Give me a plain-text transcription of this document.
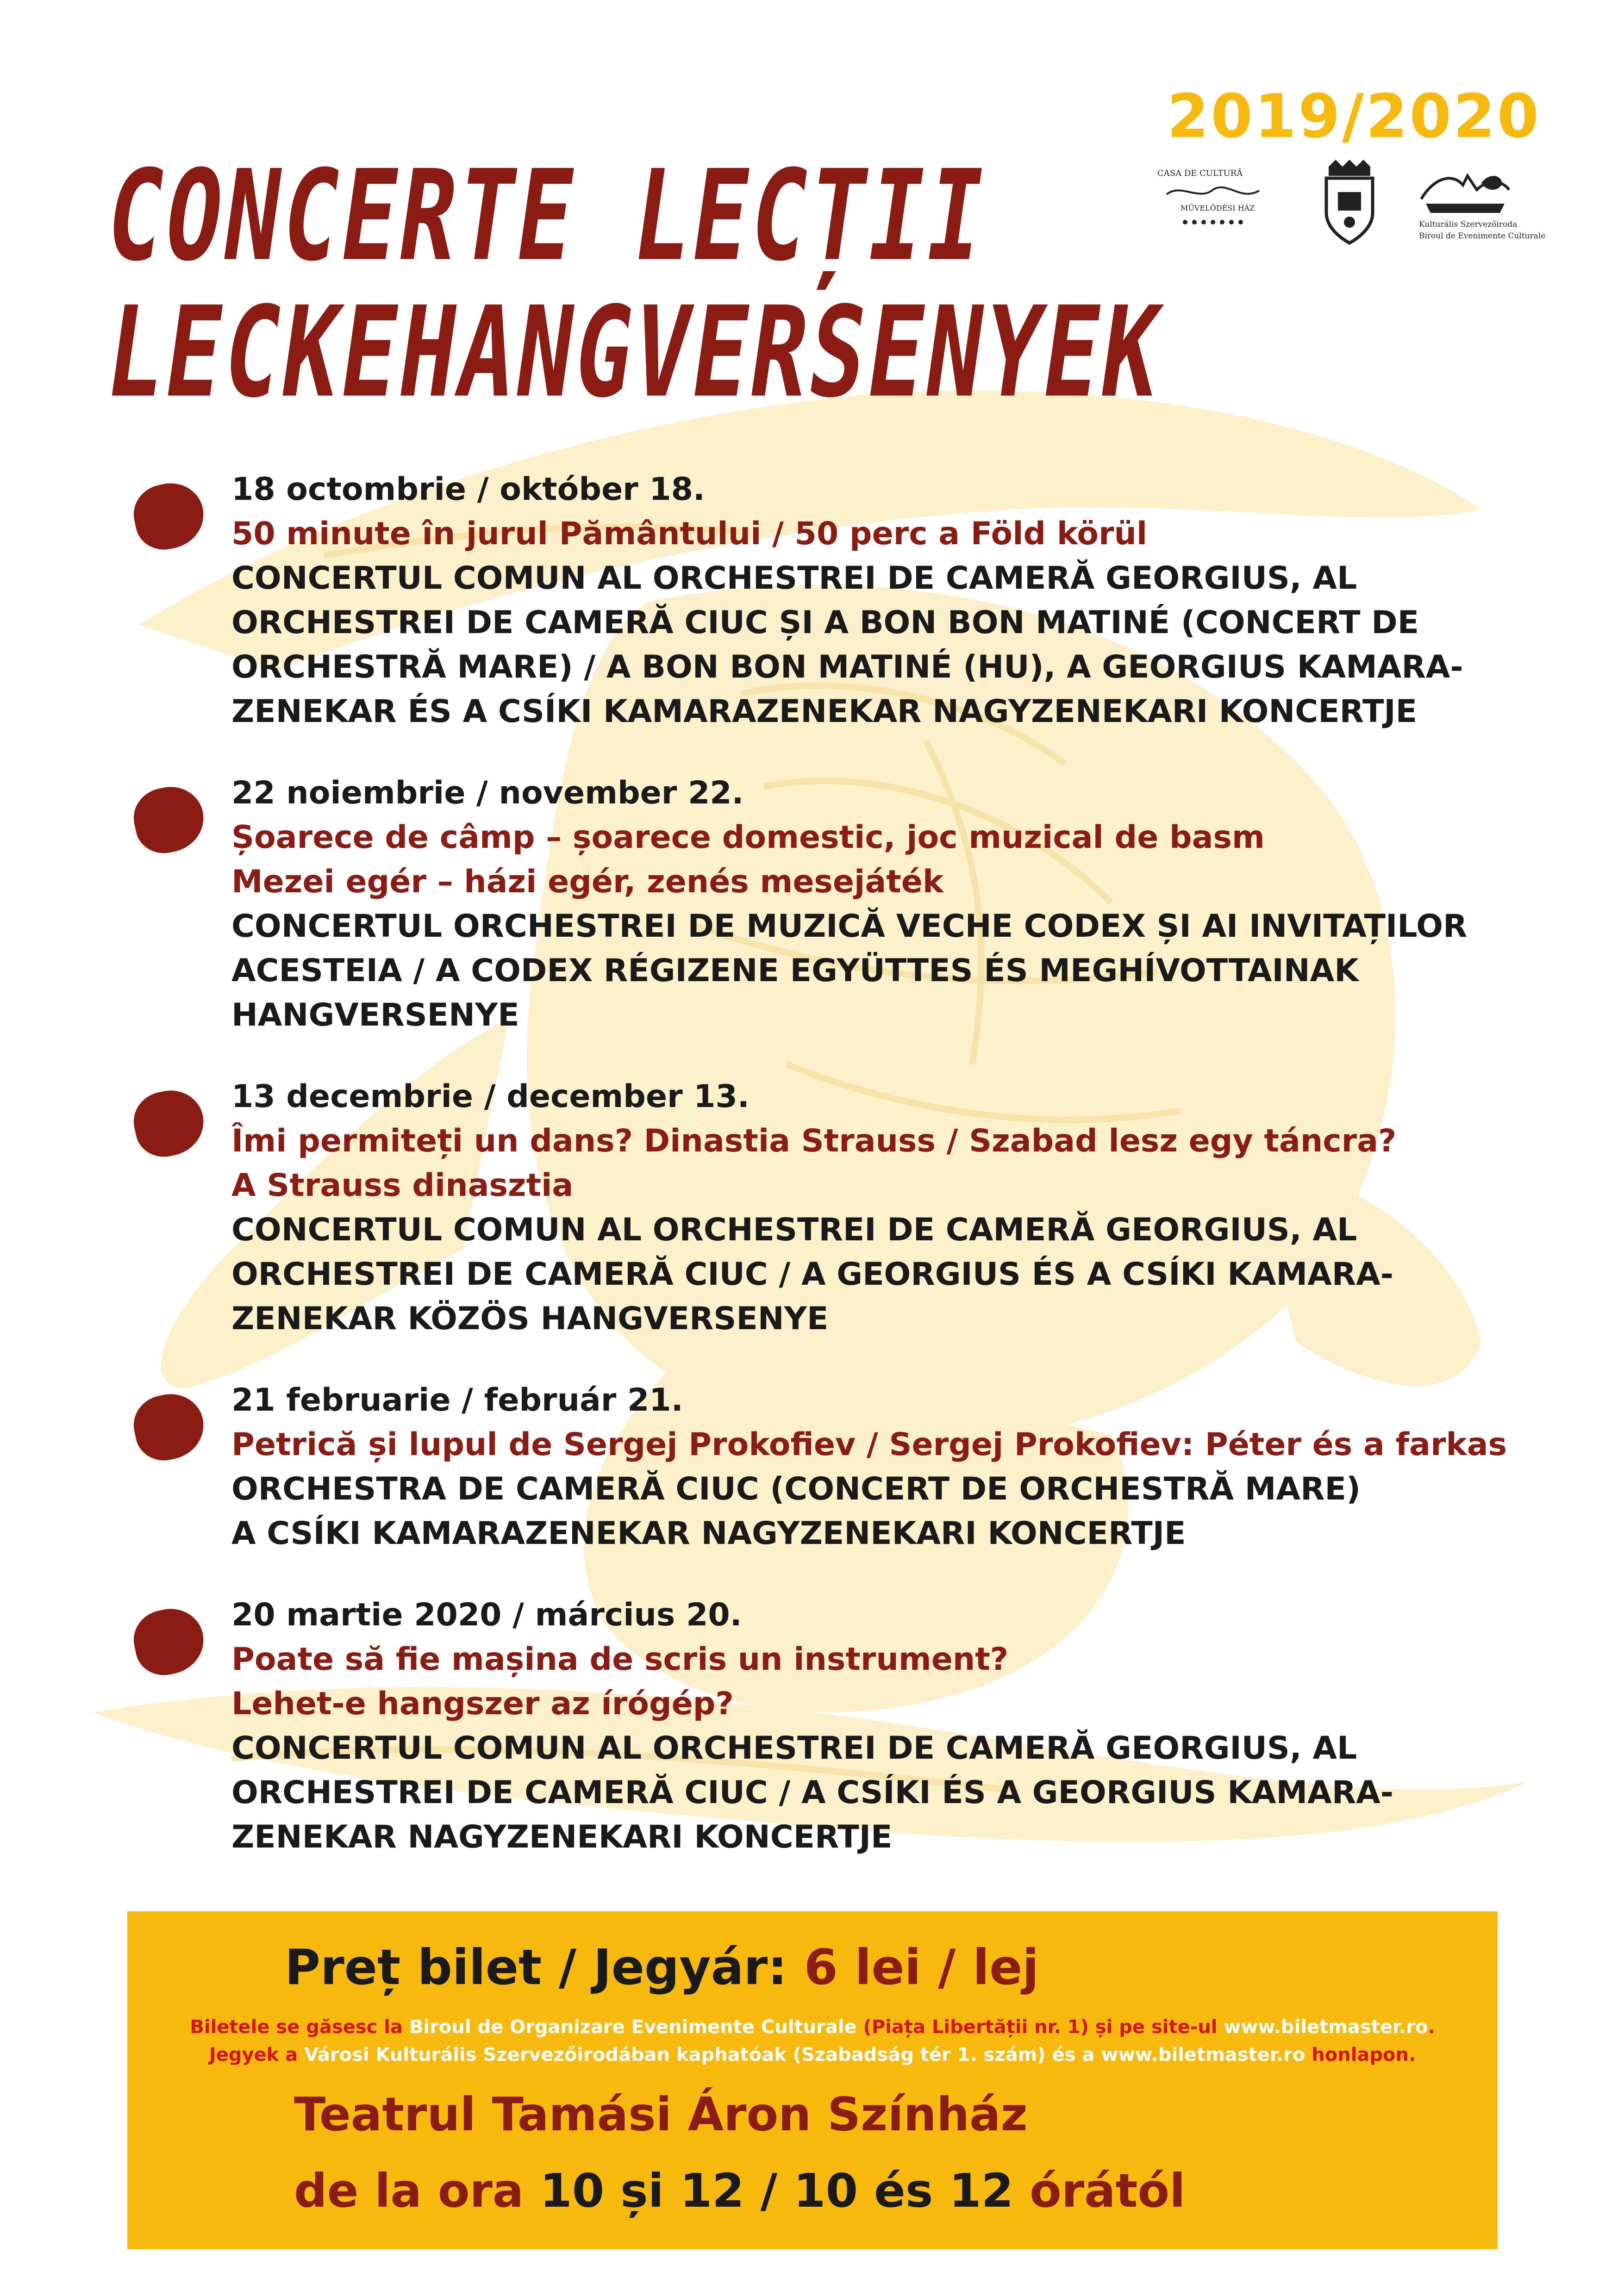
2019/2020
CONCERTE LECȚII
LECKEHANGVERSENYEK
CASA DE CULTURĂ
MŰVELŐDÉSI HÁZ
Kulturális Szervezőiroda
Biroul de Evenimente Culturale
18 octombrie / október 18.
50 minute în jurul Pământului / 50 perc a Föld körül
CONCERTUL COMUN AL ORCHESTREI DE CAMERĂ GEORGIUS, AL
ORCHESTREI DE CAMERĂ CIUC ȘI A BON BON MATINÉ (CONCERT DE
ORCHESTRĂ MARE) / A BON BON MATINÉ (HU), A GEORGIUS KAMARA-
ZENEKAR ÉS A CSÍKI KAMARAZENEKAR NAGYZENEKARI KONCERTJE
22 noiembrie / november 22.
Șoarece de câmp – șoarece domestic, joc muzical de basm
Mezei egér – házi egér, zenés mesejáték
CONCERTUL ORCHESTREI DE MUZICĂ VECHE CODEX ȘI AI INVITAȚILOR
ACESTEIA / A CODEX RÉGIZENE EGYÜTTES ÉS MEGHÍVOTTAINAK
HANGVERSENYE
13 decembrie / december 13.
Îmi permiteți un dans? Dinastia Strauss / Szabad lesz egy táncra?
A Strauss dinasztia
CONCERTUL COMUN AL ORCHESTREI DE CAMERĂ GEORGIUS, AL
ORCHESTREI DE CAMERĂ CIUC / A GEORGIUS ÉS A CSÍKI KAMARA-
ZENEKAR KÖZÖS HANGVERSENYE
21 februarie / február 21.
Petrică și lupul de Sergej Prokofiev / Sergej Prokofiev: Péter és a farkas
ORCHESTRA DE CAMERĂ CIUC (CONCERT DE ORCHESTRĂ MARE)
A CSÍKI KAMARAZENEKAR NAGYZENEKARI KONCERTJE
20 martie 2020 / március 20.
Poate să fie mașina de scris un instrument?
Lehet-e hangszer az írógép?
CONCERTUL COMUN AL ORCHESTREI DE CAMERĂ GEORGIUS, AL
ORCHESTREI DE CAMERĂ CIUC / A CSÍKI ÉS A GEORGIUS KAMARA-
ZENEKAR NAGYZENEKARI KONCERTJE
Preț bilet / Jegyár: 6 lei / lej
Biletele se găsesc la Biroul de Organizare Evenimente Culturale (Piața Libertății nr. 1) și pe site-ul www.biletmaster.ro.
Jegyek a Városi Kulturális Szervezőirodában kaphatóak (Szabadság tér 1. szám) és a www.biletmaster.ro honlapon.
Teatrul Tamási Áron Színház
de la ora 10 și 12 / 10 és 12 órától
